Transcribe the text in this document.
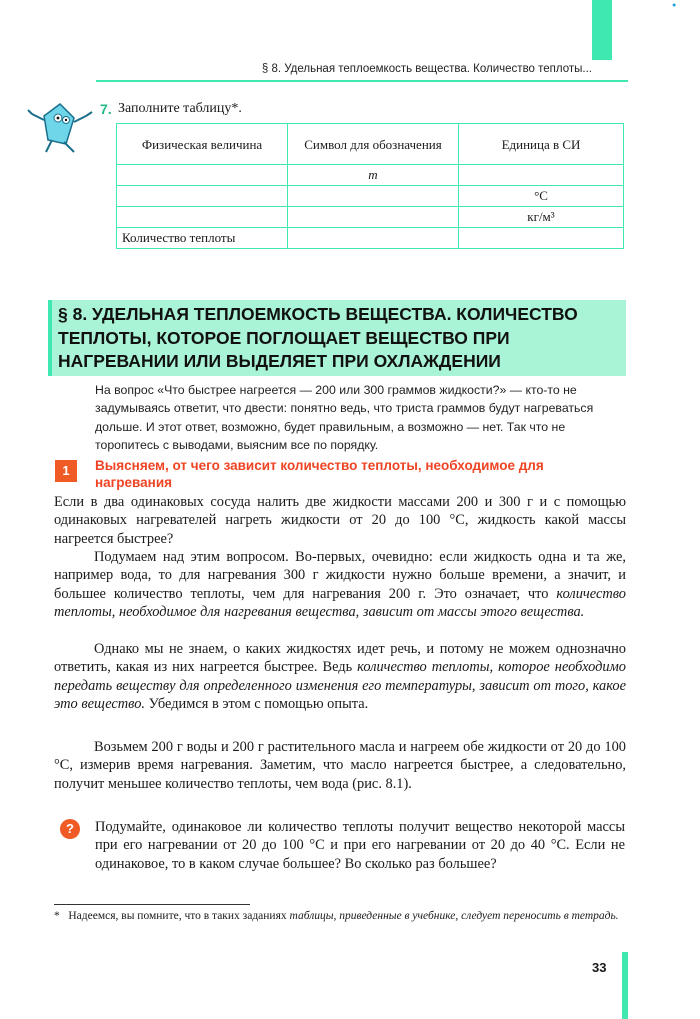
●
§ 8. Удельная теплоемкость вещества. Количество теплоты...
7. Заполните таблицу*.
Физическая величина	Символ для обозначения	Единица в СИ
	m	
		°С
		кг/м³
Количество теплоты		
§ 8. УДЕЛЬНАЯ ТЕПЛОЕМКОСТЬ ВЕЩЕСТВА. КОЛИЧЕСТВО ТЕПЛОТЫ, КОТОРОЕ ПОГЛОЩАЕТ ВЕЩЕСТВО ПРИ НАГРЕВАНИИ ИЛИ ВЫДЕЛЯЕТ ПРИ ОХЛАЖДЕНИИ
На вопрос «Что быстрее нагреется — 200 или 300 граммов жидкости?» — кто-то не задумываясь ответит, что двести: понятно ведь, что триста граммов будут нагреваться дольше. И этот ответ, возможно, будет правильным, а возможно — нет. Так что не торопитесь с выводами, выясним все по порядку.
1	Выясняем, от чего зависит количество теплоты, необходимое для нагревания
Если в два одинаковых сосуда налить две жидкости массами 200 и 300 г и с помощью одинаковых нагревателей нагреть жидкости от 20 до 100 °С, жидкость какой массы нагреется быстрее?
Подумаем над этим вопросом. Во-первых, очевидно: если жидкость одна и та же, например вода, то для нагревания 300 г жидкости нужно больше времени, а значит, и большее количество теплоты, чем для нагревания 200 г. Это означает, что количество теплоты, необходимое для нагревания вещества, зависит от массы этого вещества.
Однако мы не знаем, о каких жидкостях идет речь, и потому не можем однозначно ответить, какая из них нагреется быстрее. Ведь количество теплоты, которое необходимо передать веществу для определенного изменения его температуры, зависит от того, какое это вещество. Убедимся в этом с помощью опыта.
Возьмем 200 г воды и 200 г растительного масла и нагреем обе жидкости от 20 до 100 °С, измерив время нагревания. Заметим, что масло нагреется быстрее, а следовательно, получит меньшее количество теплоты, чем вода (рис. 8.1).
?	Подумайте, одинаковое ли количество теплоты получит вещество некоторой массы при его нагревании от 20 до 100 °С и при его нагревании от 20 до 40 °С. Если не одинаковое, то в каком случае большее? Во сколько раз большее?
* Надеемся, вы помните, что в таких заданиях таблицы, приведенные в учебнике, следует переносить в тетрадь.
33
